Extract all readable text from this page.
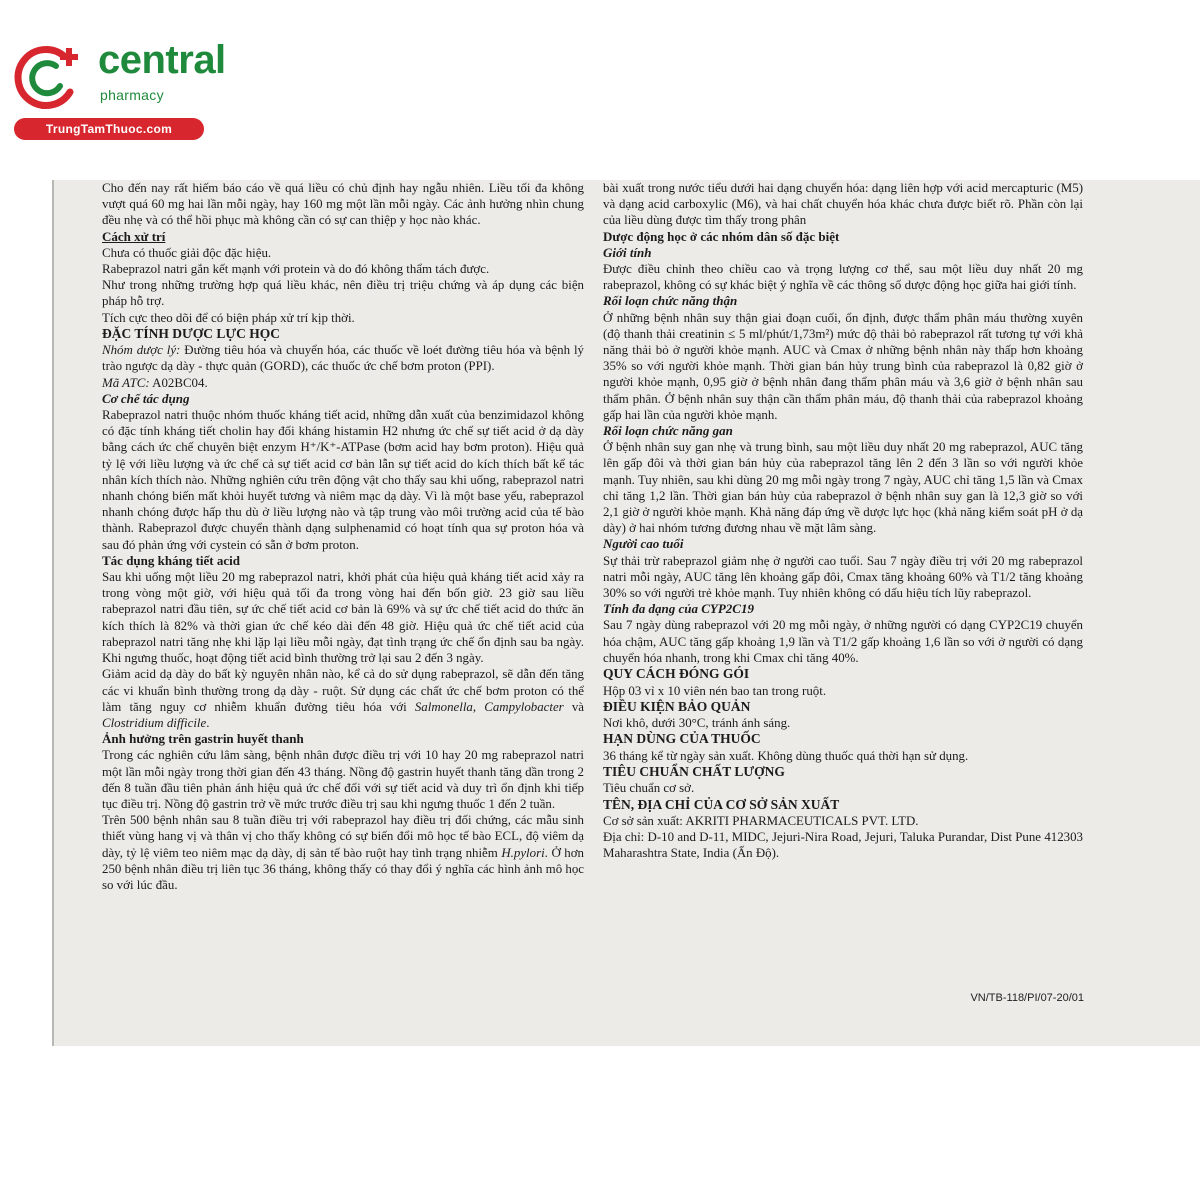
central
pharmacy
TrungTamThuoc.com

Cho đến nay rất hiếm báo cáo về quá liều có chủ định hay ngẫu nhiên. Liều tối đa không vượt quá 60 mg hai lần mỗi ngày, hay 160 mg một lần mỗi ngày. Các ảnh hưởng nhìn chung đều nhẹ và có thể hồi phục mà không cần có sự can thiệp y học nào khác.

Cách xử trí

Chưa có thuốc giải độc đặc hiệu.

Rabeprazol natri gắn kết mạnh với protein và do đó không thẩm tách được.

Như trong những trường hợp quá liều khác, nên điều trị triệu chứng và áp dụng các biện pháp hỗ trợ.

Tích cực theo dõi để có biện pháp xử trí kịp thời.

ĐẶC TÍNH DƯỢC LỰC HỌC

Nhóm dược lý: Đường tiêu hóa và chuyển hóa, các thuốc về loét đường tiêu hóa và bệnh lý trào ngược dạ dày - thực quản (GORD), các thuốc ức chế bơm proton (PPI).

Mã ATC: A02BC04.

Cơ chế tác dụng

Rabeprazol natri thuộc nhóm thuốc kháng tiết acid, những dẫn xuất của benzimidazol không có đặc tính kháng tiết cholin hay đối kháng histamin H2 nhưng ức chế sự tiết acid ở dạ dày bằng cách ức chế chuyên biệt enzym H⁺/K⁺-ATPase (bơm acid hay bơm proton). Hiệu quả tỷ lệ với liều lượng và ức chế cả sự tiết acid cơ bản lẫn sự tiết acid do kích thích bất kể tác nhân kích thích nào. Những nghiên cứu trên động vật cho thấy sau khi uống, rabeprazol natri nhanh chóng biến mất khỏi huyết tương và niêm mạc dạ dày. Vì là một base yếu, rabeprazol nhanh chóng được hấp thu dù ở liều lượng nào và tập trung vào môi trường acid của tế bào thành. Rabeprazol được chuyển thành dạng sulphenamid có hoạt tính qua sự proton hóa và sau đó phản ứng với cystein có sẵn ở bơm proton.

Tác dụng kháng tiết acid

Sau khi uống một liều 20 mg rabeprazol natri, khởi phát của hiệu quả kháng tiết acid xảy ra trong vòng một giờ, với hiệu quả tối đa trong vòng hai đến bốn giờ. 23 giờ sau liều rabeprazol natri đầu tiên, sự ức chế tiết acid cơ bản là 69% và sự ức chế tiết acid do thức ăn kích thích là 82% và thời gian ức chế kéo dài đến 48 giờ. Hiệu quả ức chế tiết acid của rabeprazol natri tăng nhẹ khi lặp lại liều mỗi ngày, đạt tình trạng ức chế ổn định sau ba ngày. Khi ngưng thuốc, hoạt động tiết acid bình thường trở lại sau 2 đến 3 ngày.

Giảm acid dạ dày do bất kỳ nguyên nhân nào, kể cả do sử dụng rabeprazol, sẽ dẫn đến tăng các vi khuẩn bình thường trong dạ dày - ruột. Sử dụng các chất ức chế bơm proton có thể làm tăng nguy cơ nhiễm khuẩn đường tiêu hóa với Salmonella, Campylobacter và Clostridium difficile.

Ảnh hưởng trên gastrin huyết thanh

Trong các nghiên cứu lâm sàng, bệnh nhân được điều trị với 10 hay 20 mg rabeprazol natri một lần mỗi ngày trong thời gian đến 43 tháng. Nồng độ gastrin huyết thanh tăng dần trong 2 đến 8 tuần đầu tiên phản ánh hiệu quả ức chế đối với sự tiết acid và duy trì ổn định khi tiếp tục điều trị. Nồng độ gastrin trở về mức trước điều trị sau khi ngưng thuốc 1 đến 2 tuần.

Trên 500 bệnh nhân sau 8 tuần điều trị với rabeprazol hay điều trị đối chứng, các mẫu sinh thiết vùng hang vị và thân vị cho thấy không có sự biến đổi mô học tế bào ECL, độ viêm dạ dày, tỷ lệ viêm teo niêm mạc dạ dày, dị sản tế bào ruột hay tình trạng nhiễm H.pylori. Ở hơn 250 bệnh nhân điều trị liên tục 36 tháng, không thấy có thay đổi ý nghĩa các hình ảnh mô học so với lúc đầu.

bài xuất trong nước tiểu dưới hai dạng chuyển hóa: dạng liên hợp với acid mercapturic (M5) và dạng acid carboxylic (M6), và hai chất chuyển hóa khác chưa được biết rõ. Phần còn lại của liều dùng được tìm thấy trong phân

Dược động học ở các nhóm dân số đặc biệt
Giới tính

Được điều chỉnh theo chiều cao và trọng lượng cơ thể, sau một liều duy nhất 20 mg rabeprazol, không có sự khác biệt ý nghĩa về các thông số dược động học giữa hai giới tính.

Rối loạn chức năng thận

Ở những bệnh nhân suy thận giai đoạn cuối, ổn định, được thẩm phân máu thường xuyên (độ thanh thải creatinin ≤ 5 ml/phút/1,73m²) mức độ thải bỏ rabeprazol rất tương tự với khả năng thải bỏ ở người khỏe mạnh. AUC và Cmax ở những bệnh nhân này thấp hơn khoảng 35% so với người khỏe mạnh. Thời gian bán hủy trung bình của rabeprazol là 0,82 giờ ở người khỏe mạnh, 0,95 giờ ở bệnh nhân đang thẩm phân máu và 3,6 giờ ở bệnh nhân sau thẩm phân. Ở bệnh nhân suy thận cần thẩm phân máu, độ thanh thải của rabeprazol khoảng gấp hai lần của người khỏe mạnh.

Rối loạn chức năng gan

Ở bệnh nhân suy gan nhẹ và trung bình, sau một liều duy nhất 20 mg rabeprazol, AUC tăng lên gấp đôi và thời gian bán hủy của rabeprazol tăng lên 2 đến 3 lần so với người khỏe mạnh. Tuy nhiên, sau khi dùng 20 mg mỗi ngày trong 7 ngày, AUC chỉ tăng 1,5 lần và Cmax chỉ tăng 1,2 lần. Thời gian bán hủy của rabeprazol ở bệnh nhân suy gan là 12,3 giờ so với 2,1 giờ ở người khỏe mạnh. Khả năng đáp ứng về dược lực học (khả năng kiểm soát pH ở dạ dày) ở hai nhóm tương đương nhau về mặt lâm sàng.

Người cao tuổi

Sự thải trừ rabeprazol giảm nhẹ ở người cao tuổi. Sau 7 ngày điều trị với 20 mg rabeprazol natri mỗi ngày, AUC tăng lên khoảng gấp đôi, Cmax tăng khoảng 60% và T1/2 tăng khoảng 30% so với người trẻ khỏe mạnh. Tuy nhiên không có dấu hiệu tích lũy rabeprazol.

Tính đa dạng của CYP2C19

Sau 7 ngày dùng rabeprazol với 20 mg mỗi ngày, ở những người có dạng CYP2C19 chuyển hóa chậm, AUC tăng gấp khoảng 1,9 lần và T1/2 gấp khoảng 1,6 lần so với ở người có dạng chuyển hóa nhanh, trong khi Cmax chỉ tăng 40%.

QUY CÁCH ĐÓNG GÓI

Hộp 03 vỉ x 10 viên nén bao tan trong ruột.

ĐIỀU KIỆN BẢO QUẢN

Nơi khô, dưới 30°C, tránh ánh sáng.

HẠN DÙNG CỦA THUỐC

36 tháng kể từ ngày sản xuất. Không dùng thuốc quá thời hạn sử dụng.

TIÊU CHUẨN CHẤT LƯỢNG

Tiêu chuẩn cơ sở.

TÊN, ĐỊA CHỈ CỦA CƠ SỞ SẢN XUẤT

Cơ sở sản xuất: AKRITI PHARMACEUTICALS PVT. LTD.

Địa chỉ: D-10 and D-11, MIDC, Jejuri-Nira Road, Jejuri, Taluka Purandar, Dist Pune 412303 Maharashtra State, India (Ấn Độ).

VN/TB-118/PI/07-20/01
